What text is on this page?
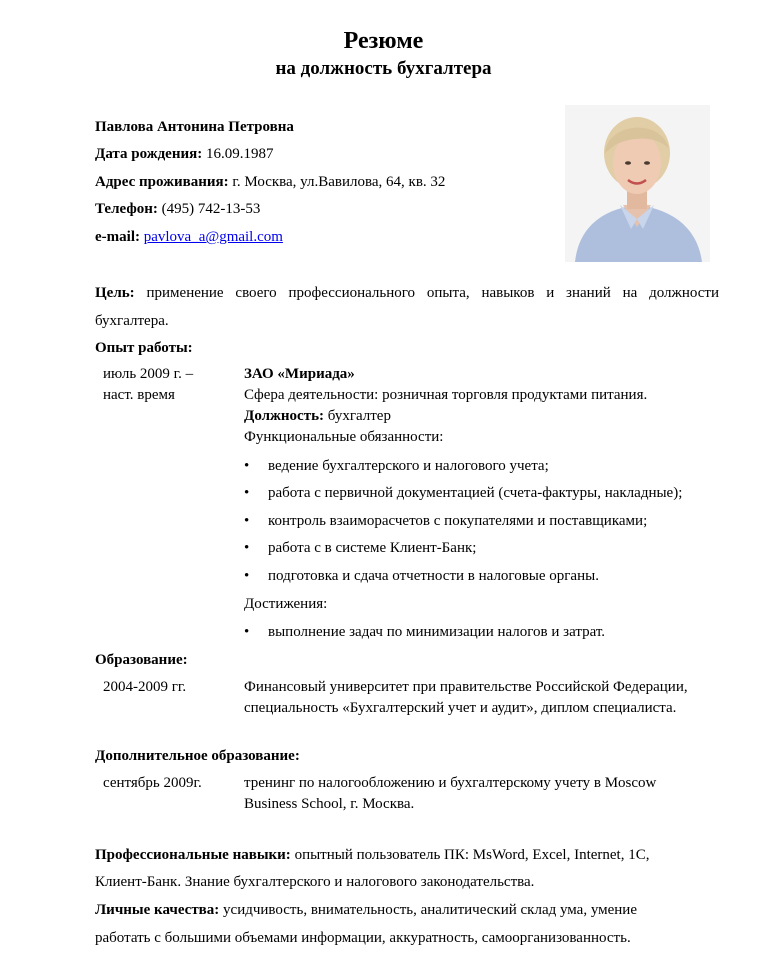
Резюме
на должность бухгалтера
Павлова Антонина Петровна
Дата рождения: 16.09.1987
Адрес проживания: г. Москва, ул.Вавилова, 64, кв. 32
Телефон: (495) 742-13-53
e-mail: pavlova_a@gmail.com
Цель: применение своего профессионального опыта, навыков и знаний на должности
бухгалтера.
Опыт работы:
июль 2009 г. –
наст. время
ЗАО «Мириада»
Сфера деятельности: розничная торговля продуктами питания.
Должность: бухгалтер
Функциональные обязанности:
• ведение бухгалтерского и налогового учета;
• работа с первичной документацией (счета-фактуры, накладные);
• контроль взаиморасчетов с покупателями и поставщиками;
• работа с в системе Клиент-Банк;
• подготовка и сдача отчетности в налоговые органы.
Достижения:
• выполнение задач по минимизации налогов и затрат.
Образование:
2004-2009 гг.	Финансовый университет при правительстве Российской Федерации,
специальность «Бухгалтерский учет и аудит», диплом специалиста.
Дополнительное образование:
сентябрь 2009г.	тренинг по налогообложению и бухгалтерскому учету в Moscow
Business School, г. Москва.
Профессиональные навыки: опытный пользователь ПК: MsWord, Excel, Internet, 1С,
Клиент-Банк. Знание бухгалтерского и налогового законодательства.
Личные качества: усидчивость, внимательность, аналитический склад ума, умение
работать с большими объемами информации, аккуратность, самоорганизованность.
